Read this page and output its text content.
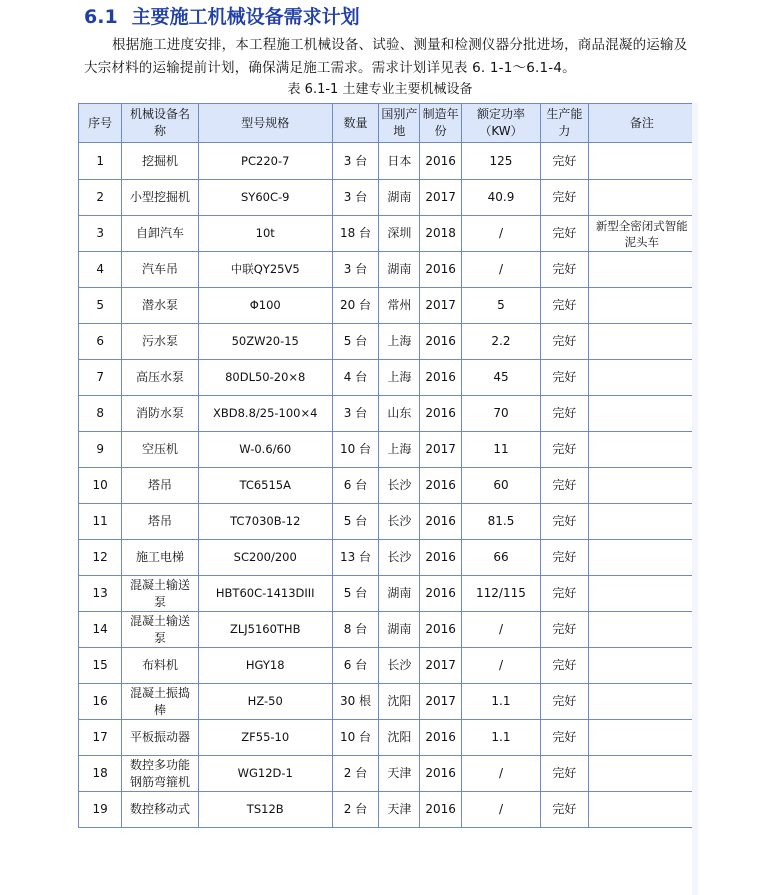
6.1 主要施工机械设备需求计划
根据施工进度安排，本工程施工机械设备、试验、测量和检测仪器分批进场，商品混凝的运输及大宗材料的运输提前计划，确保满足施工需求。需求计划详见表 6. 1-1～6.1-4。
表 6.1-1 土建专业主要机械设备
序号	机械设备名称	型号规格	数量	国别产地	制造年份	额定功率（KW）	生产能力	备注
1	挖掘机	PC220-7	3 台	日本	2016	125	完好	
2	小型挖掘机	SY60C-9	3 台	湖南	2017	40.9	完好	
3	自卸汽车	10t	18 台	深圳	2018	/	完好	新型全密闭式智能泥头车
4	汽车吊	中联QY25V5	3 台	湖南	2016	/	完好	
5	潜水泵	Φ100	20 台	常州	2017	5	完好	
6	污水泵	50ZW20-15	5 台	上海	2016	2.2	完好	
7	高压水泵	80DL50-20×8	4 台	上海	2016	45	完好	
8	消防水泵	XBD8.8/25-100×4	3 台	山东	2016	70	完好	
9	空压机	W-0.6/60	10 台	上海	2017	11	完好	
10	塔吊	TC6515A	6 台	长沙	2016	60	完好	
11	塔吊	TC7030B-12	5 台	长沙	2016	81.5	完好	
12	施工电梯	SC200/200	13 台	长沙	2016	66	完好	
13	混凝土输送泵	HBT60C-1413DIII	5 台	湖南	2016	112/115	完好	
14	混凝土输送泵	ZLJ5160THB	8 台	湖南	2016	/	完好	
15	布料机	HGY18	6 台	长沙	2017	/	完好	
16	混凝土振捣棒	HZ-50	30 根	沈阳	2017	1.1	完好	
17	平板振动器	ZF55-10	10 台	沈阳	2016	1.1	完好	
18	数控多功能钢筋弯箍机	WG12D-1	2 台	天津	2016	/	完好	
19	数控移动式	TS12B	2 台	天津	2016	/	完好	
